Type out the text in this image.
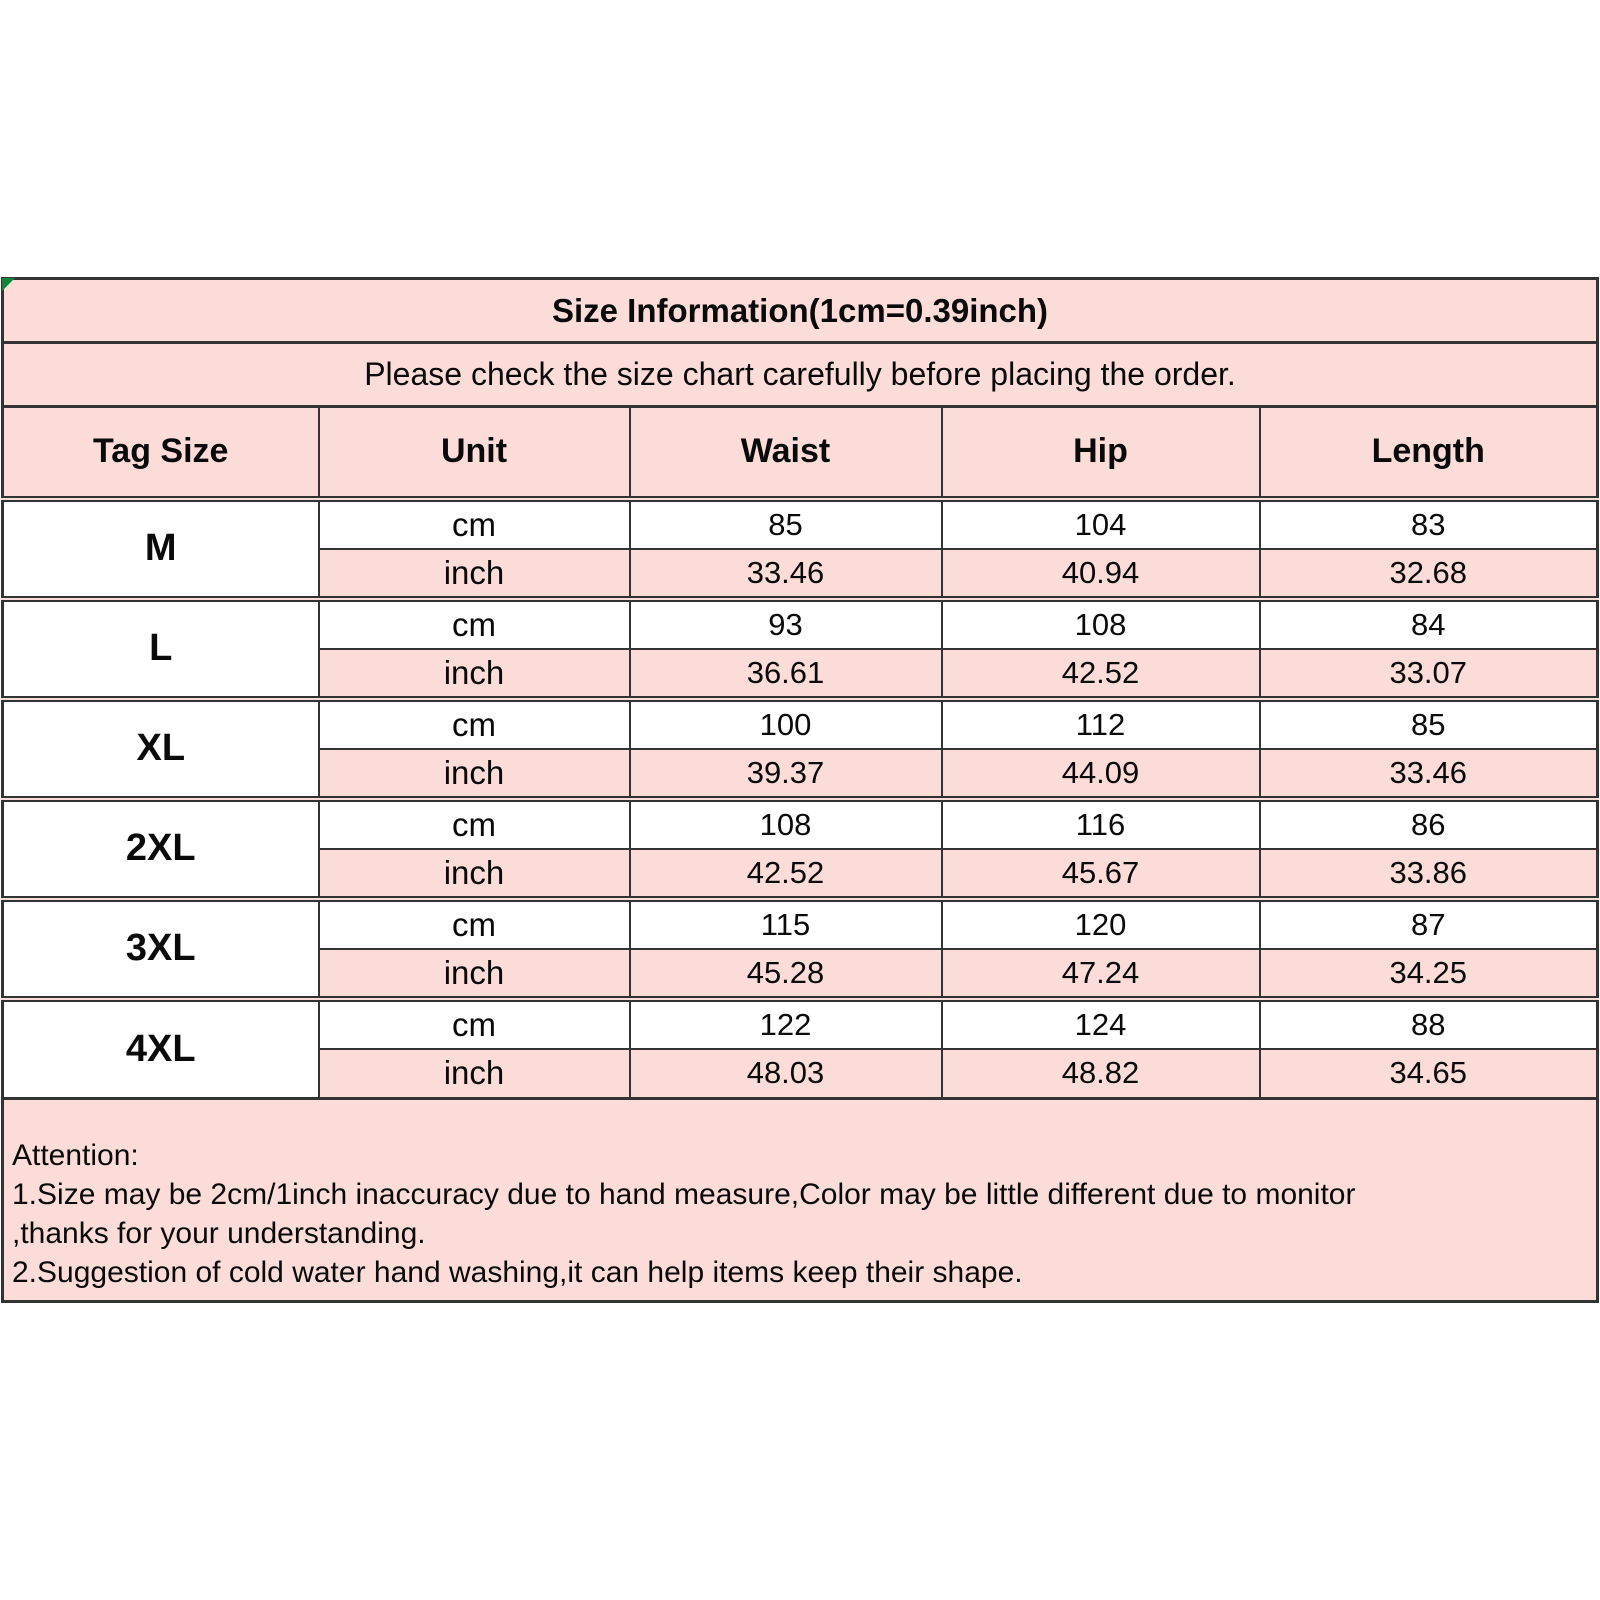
Size Information(1cm=0.39inch)				
Please check the size chart carefully before placing the order.				
Tag Size	Unit	Waist	Hip	Length
M	cm	85	104	83
	inch	33.46	40.94	32.68
L	cm	93	108	84
	inch	36.61	42.52	33.07
XL	cm	100	112	85
	inch	39.37	44.09	33.46
2XL	cm	108	116	86
	inch	42.52	45.67	33.86
3XL	cm	115	120	87
	inch	45.28	47.24	34.25
4XL	cm	122	124	88
	inch	48.03	48.82	34.65

Attention:
1.Size may be 2cm/1inch inaccuracy due to hand measure,Color may be little different due to monitor
,thanks for your understanding.
2.Suggestion of cold water hand washing,it can help items keep their shape.				
